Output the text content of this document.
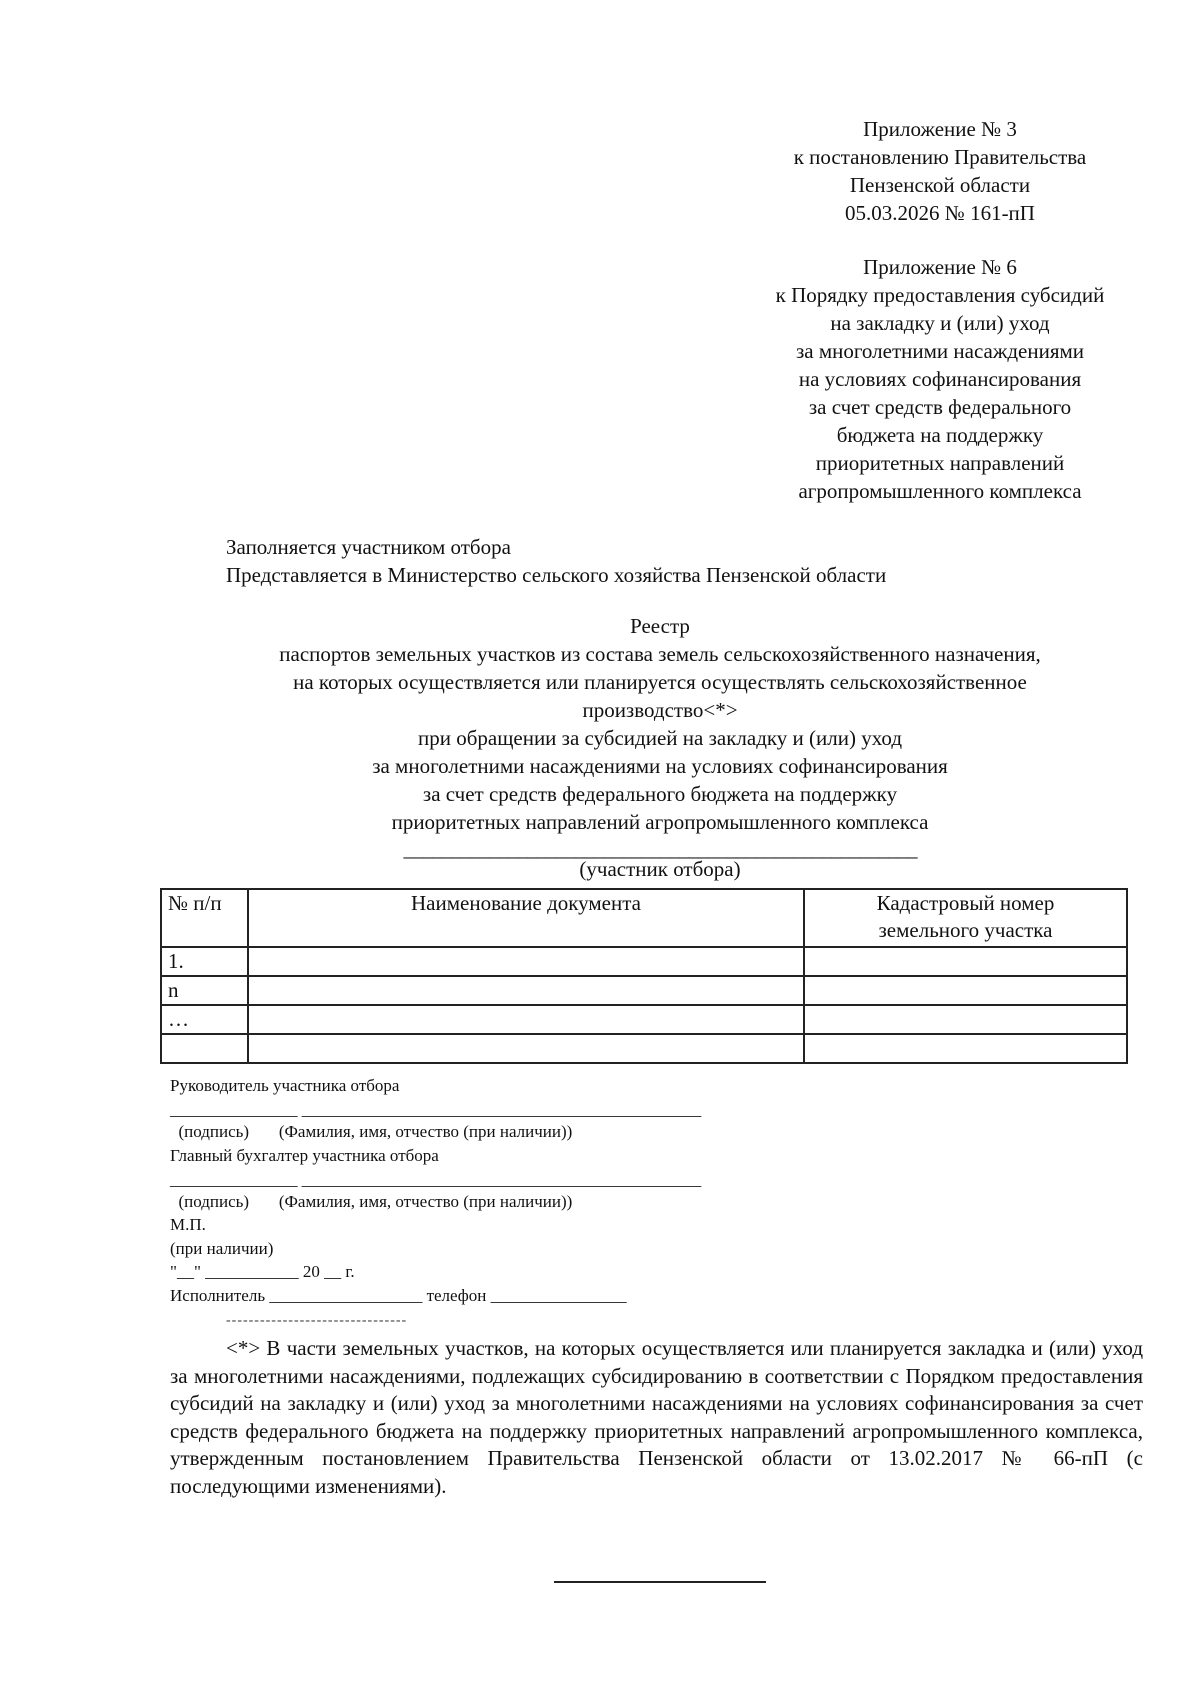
Приложение № 3
к постановлению Правительства
Пензенской области
05.03.2026 № 161-пП
Приложение № 6
к Порядку предоставления субсидий
на закладку и (или) уход
за многолетними насаждениями
на условиях софинансирования
за счет средств федерального
бюджета на поддержку
приоритетных направлений
агропромышленного комплекса
Заполняется участником отбора
Представляется в Министерство сельского хозяйства Пензенской области
Реестр
паспортов земельных участков из состава земель сельскохозяйственного назначения,
на которых осуществляется или планируется осуществлять сельскохозяйственное
производство<*>
при обращении за субсидией на закладку и (или) уход
за многолетними насаждениями на условиях софинансирования
за счет средств федерального бюджета на поддержку
приоритетных направлений агропромышленного комплекса
______________________________________________________
(участник отбора)
№ п/п	Наименование документа	Кадастровый номер
земельного участка

1.		
n		
…		

Руководитель участника отбора
_______________ _______________________________________________
(подпись)       (Фамилия, имя, отчество (при наличии))
Главный бухгалтер участника отбора
_______________ _______________________________________________
(подпись)       (Фамилия, имя, отчество (при наличии))
М.П.
(при наличии)
"__" ___________ 20 __ г.
Исполнитель __________________ телефон ________________
--------------------------------
<*> В части земельных участков, на которых осуществляется или планируется закладка и (или) уход за многолетними насаждениями, подлежащих субсидированию в соответствии с Порядком предоставления субсидий на закладку и (или) уход за многолетними насаждениями на условиях софинансирования за счет средств федерального бюджета на поддержку приоритетных направлений агропромышленного комплекса, утвержденным постановлением Правительства Пензенской области от 13.02.2017 № 66-пП (с последующими изменениями).
